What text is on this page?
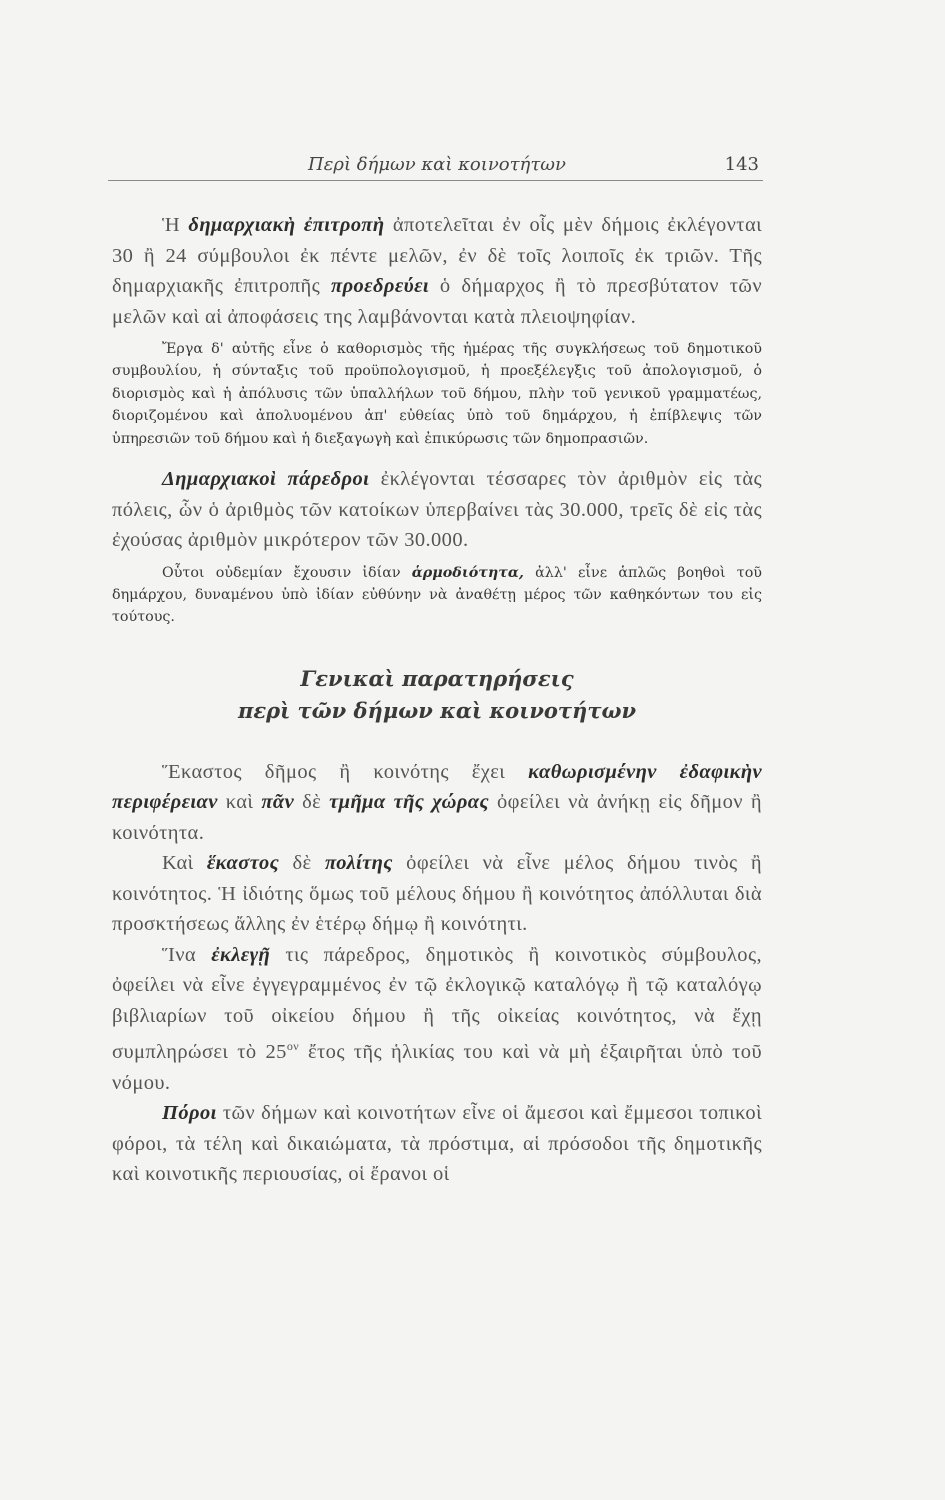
Περὶ δήμων καὶ κοινοτήτων	143

Ἡ δημαρχιακὴ ἐπιτροπὴ ἀποτελεῖται ἐν οἷς μὲν δήμοις ἐκλέγονται 30 ἢ 24 σύμβουλοι ἐκ πέντε μελῶν, ἐν δὲ τοῖς λοιποῖς ἐκ τριῶν. Τῆς δημαρχιακῆς ἐπιτροπῆς προεδρεύει ὁ δήμαρχος ἢ τὸ πρεσβύτατον τῶν μελῶν καὶ αἱ ἀποφάσεις της λαμβάνονται κατὰ πλειοψηφίαν.

Ἔργα δ' αὐτῆς εἶνε ὁ καθορισμὸς τῆς ἡμέρας τῆς συγκλήσεως τοῦ δημοτικοῦ συμβουλίου, ἡ σύνταξις τοῦ προϋπολογισμοῦ, ἡ προεξέλεγξις τοῦ ἀπολογισμοῦ, ὁ διορισμὸς καὶ ἡ ἀπόλυσις τῶν ὑπαλλήλων τοῦ δήμου, πλὴν τοῦ γενικοῦ γραμματέως, διοριζομένου καὶ ἀπολυομένου ἀπ' εὐθείας ὑπὸ τοῦ δημάρχου, ἡ ἐπίβλεψις τῶν ὑπηρεσιῶν τοῦ δήμου καὶ ἡ διεξαγωγὴ καὶ ἐπικύρωσις τῶν δημοπρασιῶν.

Δημαρχιακοὶ πάρεδροι ἐκλέγονται τέσσαρες τὸν ἀριθμὸν εἰς τὰς πόλεις, ὧν ὁ ἀριθμὸς τῶν κατοίκων ὑπερβαίνει τὰς 30.000, τρεῖς δὲ εἰς τὰς ἐχούσας ἀριθμὸν μικρότερον τῶν 30.000.

Οὗτοι οὐδεμίαν ἔχουσιν ἰδίαν ἁρμοδιότητα, ἀλλ' εἶνε ἁπλῶς βοηθοὶ τοῦ δημάρχου, δυναμένου ὑπὸ ἰδίαν εὐθύνην νὰ ἀναθέτῃ μέρος τῶν καθηκόντων του εἰς τούτους.

Γενικαὶ παρατηρήσεις
περὶ τῶν δήμων καὶ κοινοτήτων

Ἕκαστος δῆμος ἢ κοινότης ἔχει καθωρισμένην ἐδαφικὴν περιφέρειαν καὶ πᾶν δὲ τμῆμα τῆς χώρας ὀφείλει νὰ ἀνήκῃ εἰς δῆμον ἢ κοινότητα.

Καὶ ἕκαστος δὲ πολίτης ὀφείλει νὰ εἶνε μέλος δήμου τινὸς ἢ κοινότητος. Ἡ ἰδιότης ὅμως τοῦ μέλους δήμου ἢ κοινότητος ἀπόλλυται διὰ προσκτήσεως ἄλλης ἐν ἑτέρῳ δήμῳ ἢ κοινότητι.

Ἵνα ἐκλεγῇ τις πάρεδρος, δημοτικὸς ἢ κοινοτικὸς σύμβουλος, ὀφείλει νὰ εἶνε ἐγγεγραμμένος ἐν τῷ ἐκλογικῷ καταλόγῳ ἢ τῷ καταλόγῳ βιβλιαρίων τοῦ οἰκείου δήμου ἢ τῆς οἰκείας κοινότητος, νὰ ἔχῃ συμπληρώσει τὸ $25^{o\nu}$ ἔτος τῆς ἡλικίας του καὶ νὰ μὴ ἐξαιρῆται ὑπὸ τοῦ νόμου.

Πόροι τῶν δήμων καὶ κοινοτήτων εἶνε οἱ ἄμεσοι καὶ ἔμμεσοι τοπικοὶ φόροι, τὰ τέλη καὶ δικαιώματα, τὰ πρόστιμα, αἱ πρόσοδοι τῆς δημοτικῆς καὶ κοινοτικῆς περιουσίας, οἱ ἔρανοι οἱ
